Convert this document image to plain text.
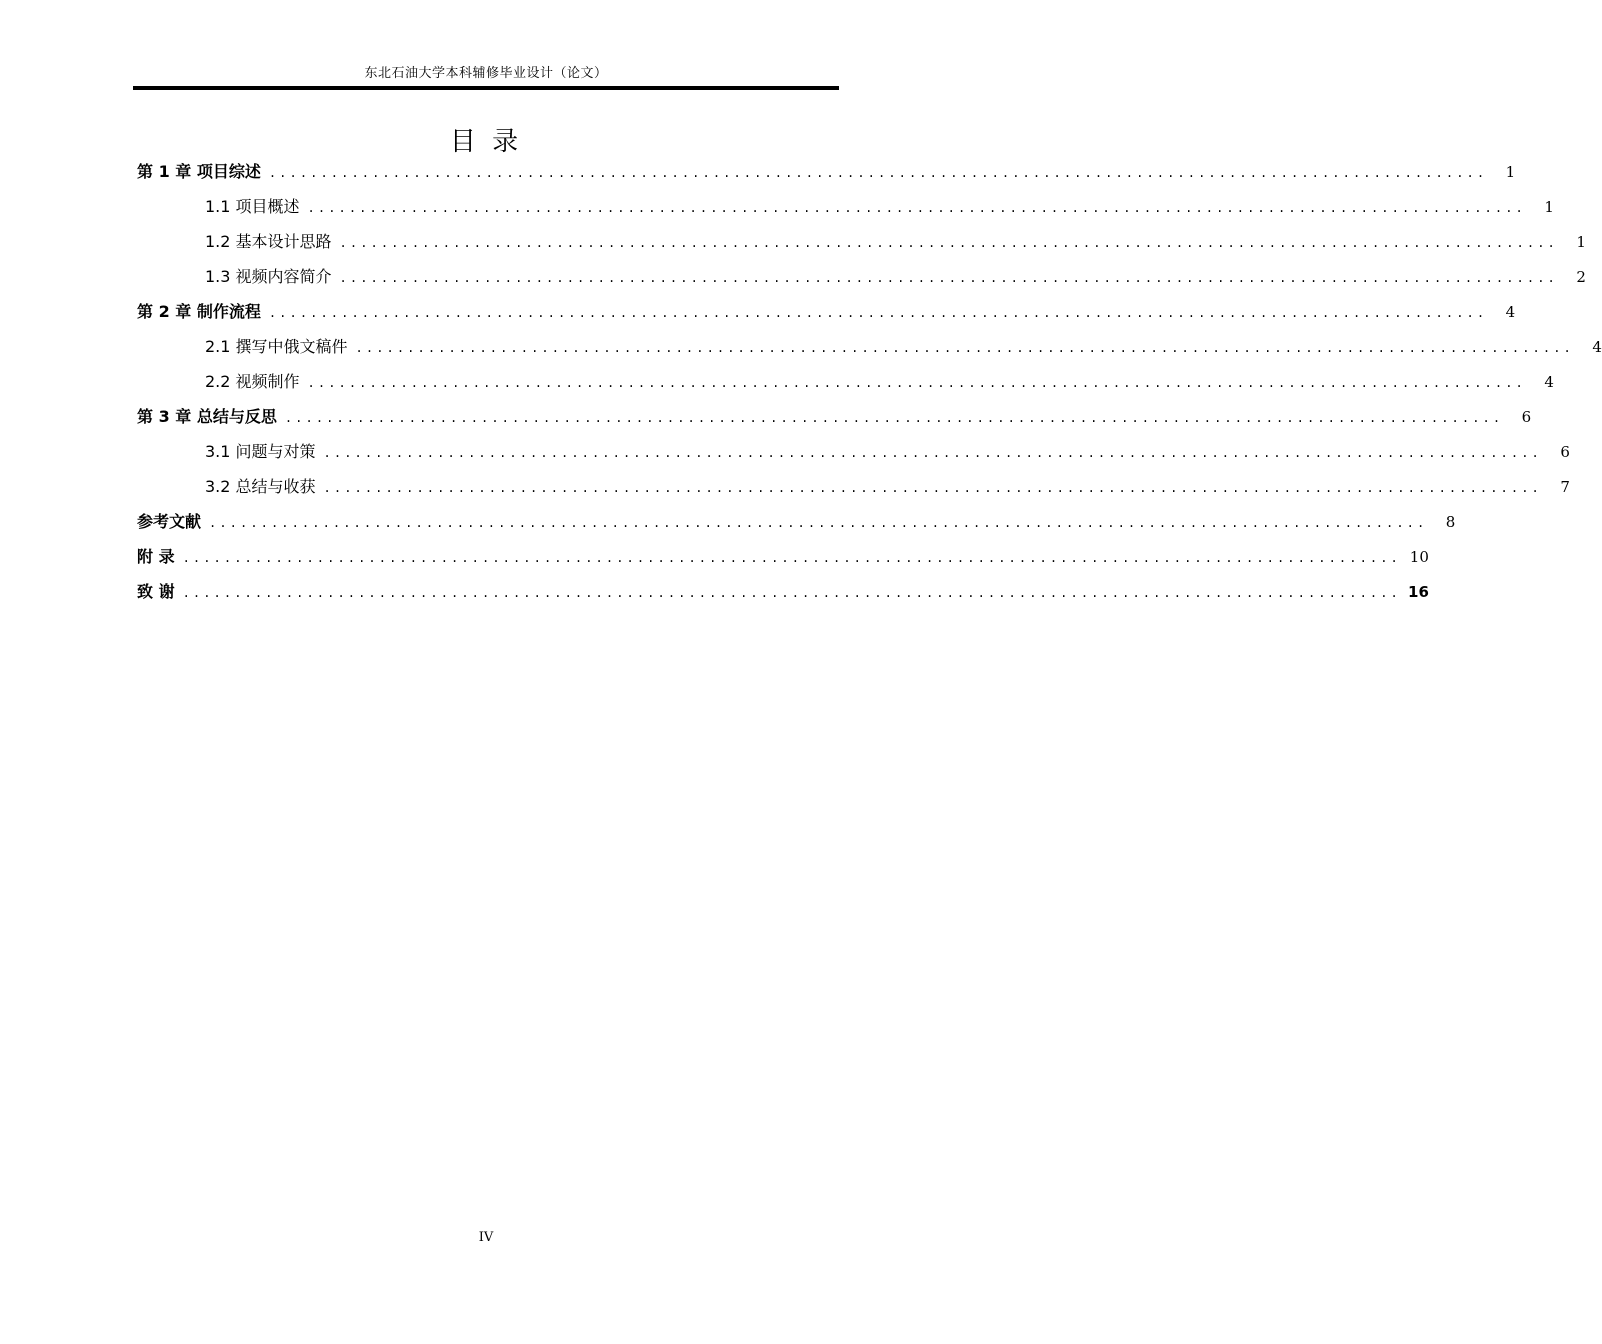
东北石油大学本科辅修毕业设计（论文）
目 录
第 1 章 项目综述 ......................................................................................................................	1
1.1 项目概述 ......................................................................................................................	1
1.2 基本设计思路 ......................................................................................................................	1
1.3 视频内容简介 ......................................................................................................................	2
第 2 章 制作流程 ......................................................................................................................	4
2.1 撰写中俄文稿件 ......................................................................................................................	4
2.2 视频制作 ......................................................................................................................	4
第 3 章 总结与反思 ......................................................................................................................	6
3.1 问题与对策 ......................................................................................................................	6
3.2 总结与收获 ......................................................................................................................	7
参考文献 ......................................................................................................................	8
附 录 ...................................................................................................................... 10
致 谢 ...................................................................................................................... 16
IV
